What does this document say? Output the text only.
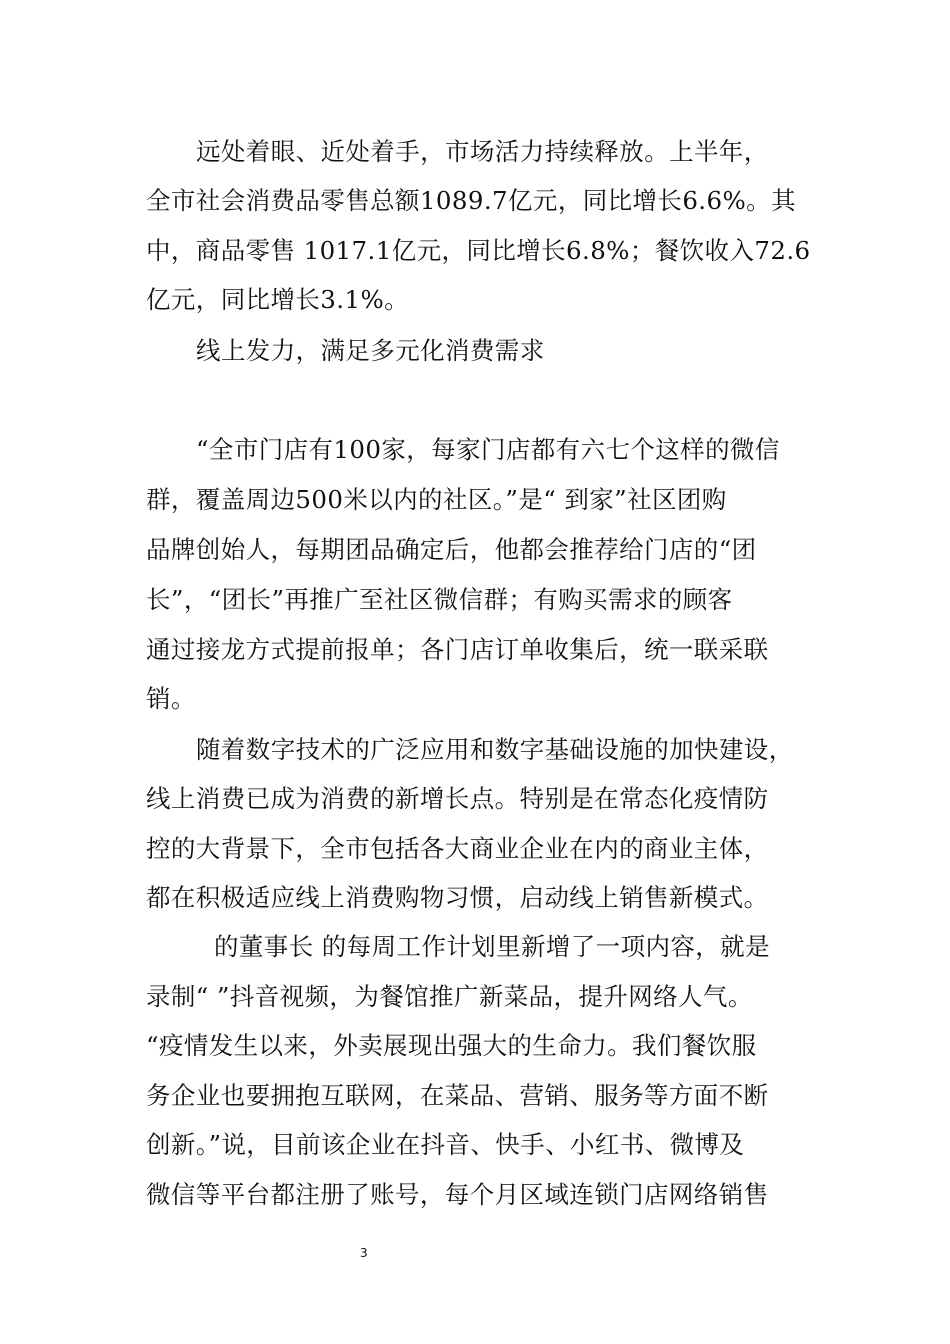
远处着眼、近处着手，市场活力持续释放。上半年，

全市社会消费品零售总额1089.7亿元，同比增长6.6%。其

中，商品零售 1017.1亿元，同比增长6.8%；餐饮收入72.6

亿元，同比增长3.1%。

线上发力，满足多元化消费需求

“全市门店有100家，每家门店都有六七个这样的微信

群，覆盖周边500米以内的社区。”是“ 到家”社区团购

品牌创始人，每期团品确定后，他都会推荐给门店的“团

长”，“团长”再推广至社区微信群；有购买需求的顾客

通过接龙方式提前报单；各门店订单收集后，统一联采联

销。

随着数字技术的广泛应用和数字基础设施的加快建设，

线上消费已成为消费的新增长点。特别是在常态化疫情防

控的大背景下，全市包括各大商业企业在内的商业主体，

都在积极适应线上消费购物习惯，启动线上销售新模式。

的董事长 的每周工作计划里新增了一项内容，就是

录制“ ”抖音视频，为餐馆推广新菜品，提升网络人气。

“疫情发生以来，外卖展现出强大的生命力。我们餐饮服

务企业也要拥抱互联网，在菜品、营销、服务等方面不断

创新。”说，目前该企业在抖音、快手、小红书、微博及

微信等平台都注册了账号，每个月区域连锁门店网络销售

3
